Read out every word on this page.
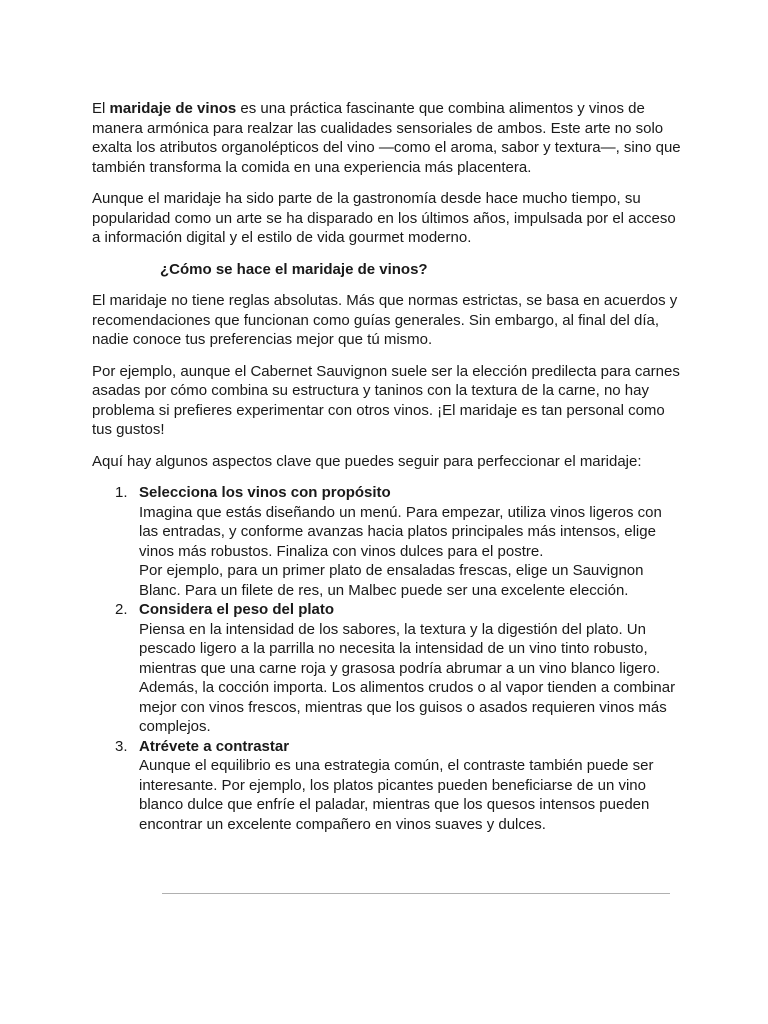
El maridaje de vinos es una práctica fascinante que combina alimentos y vinos de manera armónica para realzar las cualidades sensoriales de ambos. Este arte no solo exalta los atributos organolépticos del vino —como el aroma, sabor y textura—, sino que también transforma la comida en una experiencia más placentera.

Aunque el maridaje ha sido parte de la gastronomía desde hace mucho tiempo, su popularidad como un arte se ha disparado en los últimos años, impulsada por el acceso a información digital y el estilo de vida gourmet moderno.

¿Cómo se hace el maridaje de vinos?

El maridaje no tiene reglas absolutas. Más que normas estrictas, se basa en acuerdos y recomendaciones que funcionan como guías generales. Sin embargo, al final del día, nadie conoce tus preferencias mejor que tú mismo.

Por ejemplo, aunque el Cabernet Sauvignon suele ser la elección predilecta para carnes asadas por cómo combina su estructura y taninos con la textura de la carne, no hay problema si prefieres experimentar con otros vinos. ¡El maridaje es tan personal como tus gustos!

Aquí hay algunos aspectos clave que puedes seguir para perfeccionar el maridaje:

1. Selecciona los vinos con propósito
Imagina que estás diseñando un menú. Para empezar, utiliza vinos ligeros con las entradas, y conforme avanzas hacia platos principales más intensos, elige vinos más robustos. Finaliza con vinos dulces para el postre.
Por ejemplo, para un primer plato de ensaladas frescas, elige un Sauvignon Blanc. Para un filete de res, un Malbec puede ser una excelente elección.
2. Considera el peso del plato
Piensa en la intensidad de los sabores, la textura y la digestión del plato. Un pescado ligero a la parrilla no necesita la intensidad de un vino tinto robusto, mientras que una carne roja y grasosa podría abrumar a un vino blanco ligero.
Además, la cocción importa. Los alimentos crudos o al vapor tienden a combinar mejor con vinos frescos, mientras que los guisos o asados requieren vinos más complejos.
3. Atrévete a contrastar
Aunque el equilibrio es una estrategia común, el contraste también puede ser interesante. Por ejemplo, los platos picantes pueden beneficiarse de un vino blanco dulce que enfríe el paladar, mientras que los quesos intensos pueden encontrar un excelente compañero en vinos suaves y dulces.
